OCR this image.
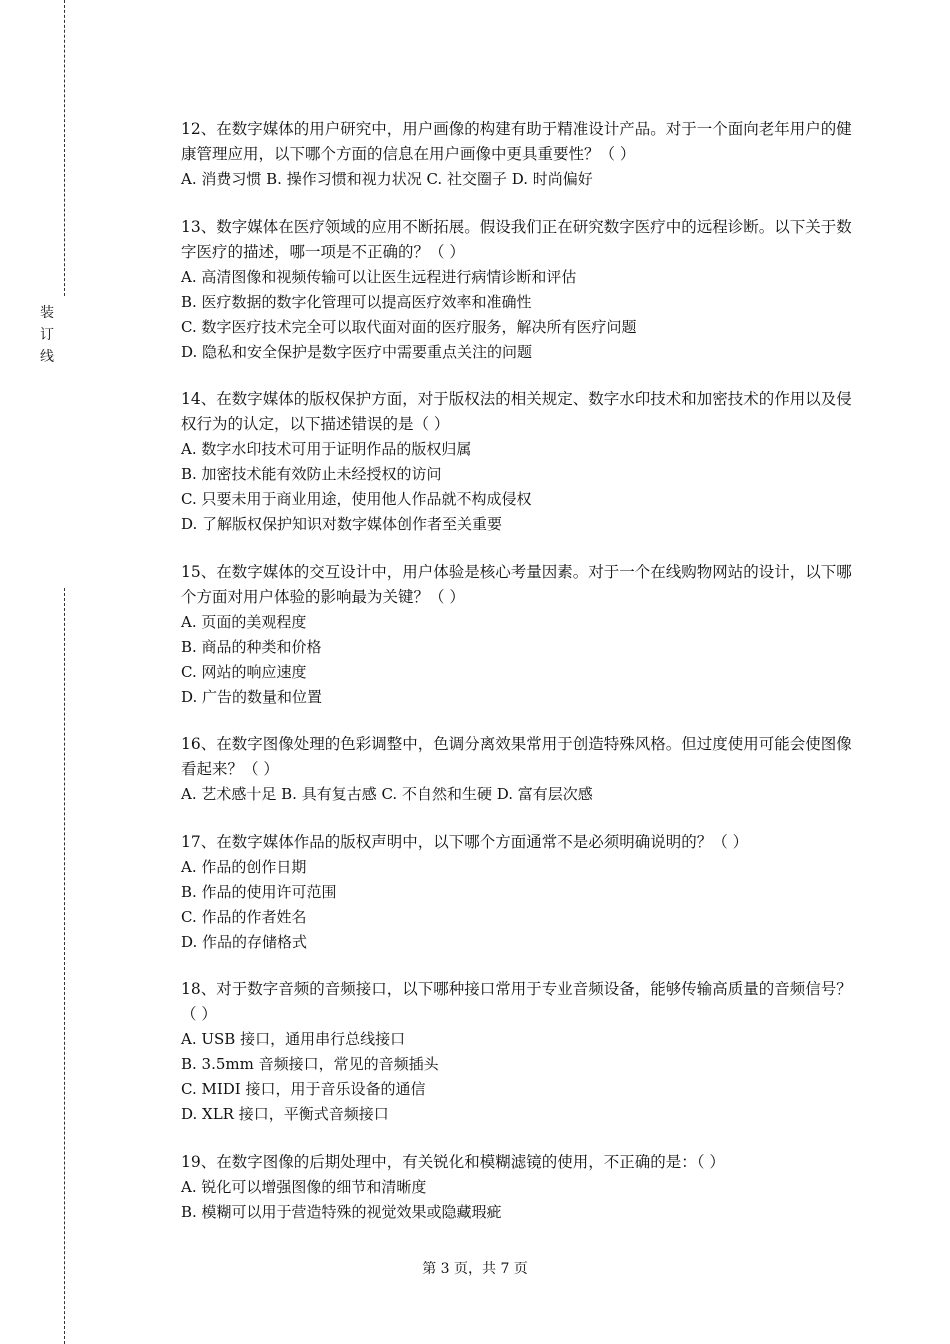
装
订
线
12、在数字媒体的用户研究中，用户画像的构建有助于精准设计产品。对于一个面向老年用户的健康管理应用，以下哪个方面的信息在用户画像中更具重要性？（ ）
A. 消费习惯 B. 操作习惯和视力状况 C. 社交圈子 D. 时尚偏好
13、数字媒体在医疗领域的应用不断拓展。假设我们正在研究数字医疗中的远程诊断。以下关于数字医疗的描述，哪一项是不正确的？（ ）
A. 高清图像和视频传输可以让医生远程进行病情诊断和评估
B. 医疗数据的数字化管理可以提高医疗效率和准确性
C. 数字医疗技术完全可以取代面对面的医疗服务，解决所有医疗问题
D. 隐私和安全保护是数字医疗中需要重点关注的问题
14、在数字媒体的版权保护方面，对于版权法的相关规定、数字水印技术和加密技术的作用以及侵权行为的认定，以下描述错误的是（ ）
A. 数字水印技术可用于证明作品的版权归属
B. 加密技术能有效防止未经授权的访问
C. 只要未用于商业用途，使用他人作品就不构成侵权
D. 了解版权保护知识对数字媒体创作者至关重要
15、在数字媒体的交互设计中，用户体验是核心考量因素。对于一个在线购物网站的设计，以下哪个方面对用户体验的影响最为关键？（ ）
A. 页面的美观程度
B. 商品的种类和价格
C. 网站的响应速度
D. 广告的数量和位置
16、在数字图像处理的色彩调整中，色调分离效果常用于创造特殊风格。但过度使用可能会使图像看起来？（ ）
A. 艺术感十足 B. 具有复古感 C. 不自然和生硬 D. 富有层次感
17、在数字媒体作品的版权声明中，以下哪个方面通常不是必须明确说明的？（ ）
A. 作品的创作日期
B. 作品的使用许可范围
C. 作品的作者姓名
D. 作品的存储格式
18、对于数字音频的音频接口，以下哪种接口常用于专业音频设备，能够传输高质量的音频信号？（ ）
A. USB 接口，通用串行总线接口
B. 3.5mm 音频接口，常见的音频插头
C. MIDI 接口，用于音乐设备的通信
D. XLR 接口，平衡式音频接口
19、在数字图像的后期处理中，有关锐化和模糊滤镜的使用，不正确的是：（ ）
A. 锐化可以增强图像的细节和清晰度
B. 模糊可以用于营造特殊的视觉效果或隐藏瑕疵
第 3 页，共 7 页
